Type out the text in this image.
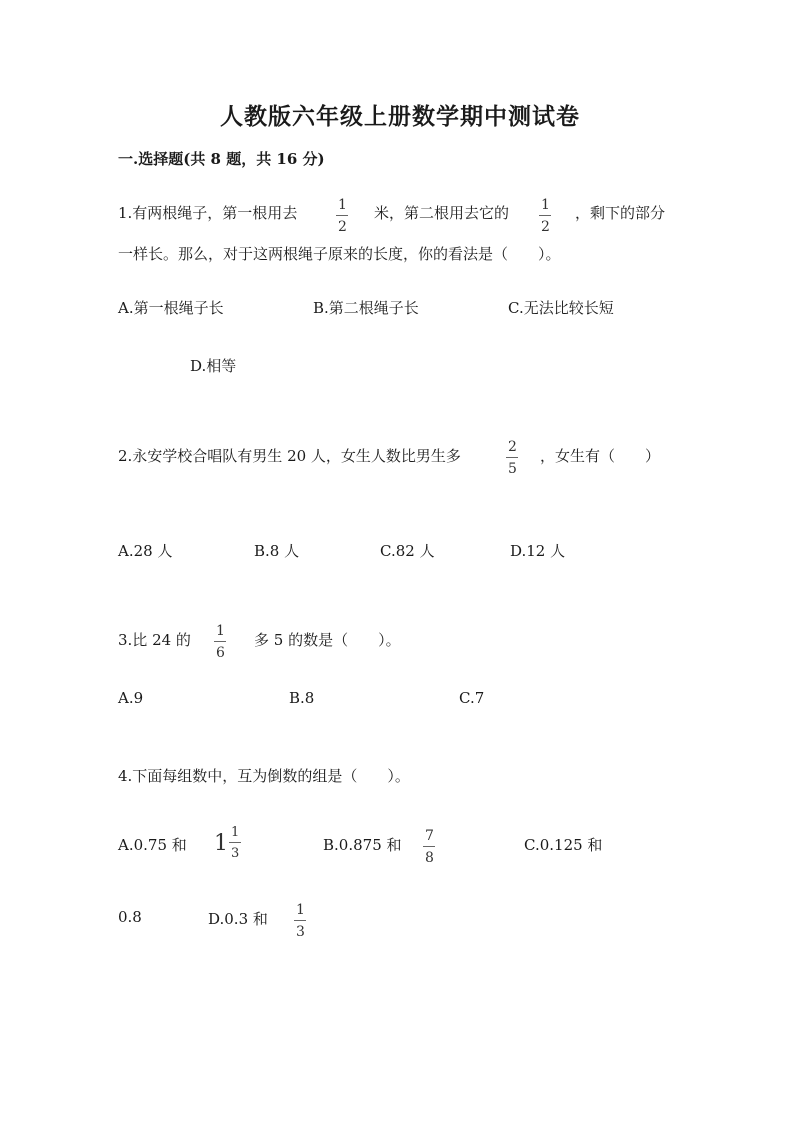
人教版六年级上册数学期中测试卷
一.选择题(共 8 题，共 16 分)
1.有两根绳子，第一根用去	1
2
米，第二根用去它的 1
2
，剩下的部分
一样长。那么，对于这两根绳子原来的长度，你的看法是（　　）。
A.第一根绳子长	B.第二根绳子长	C.无法比较长短
D.相等
2.永安学校合唱队有男生 20 人，女生人数比男生多	2
5
，女生有（　　）
A.28 人	B.8 人	C.82 人	D.12 人
3.比 24 的 1
6
多 5 的数是（　　）。
A.9	B.8	C.7
4.下面每组数中，互为倒数的组是（　　）。
A.0.75 和 $1 \frac{1}{3}$	B.0.875 和 7
8
C.0.125 和
0.8	D.0.3 和 1
3
